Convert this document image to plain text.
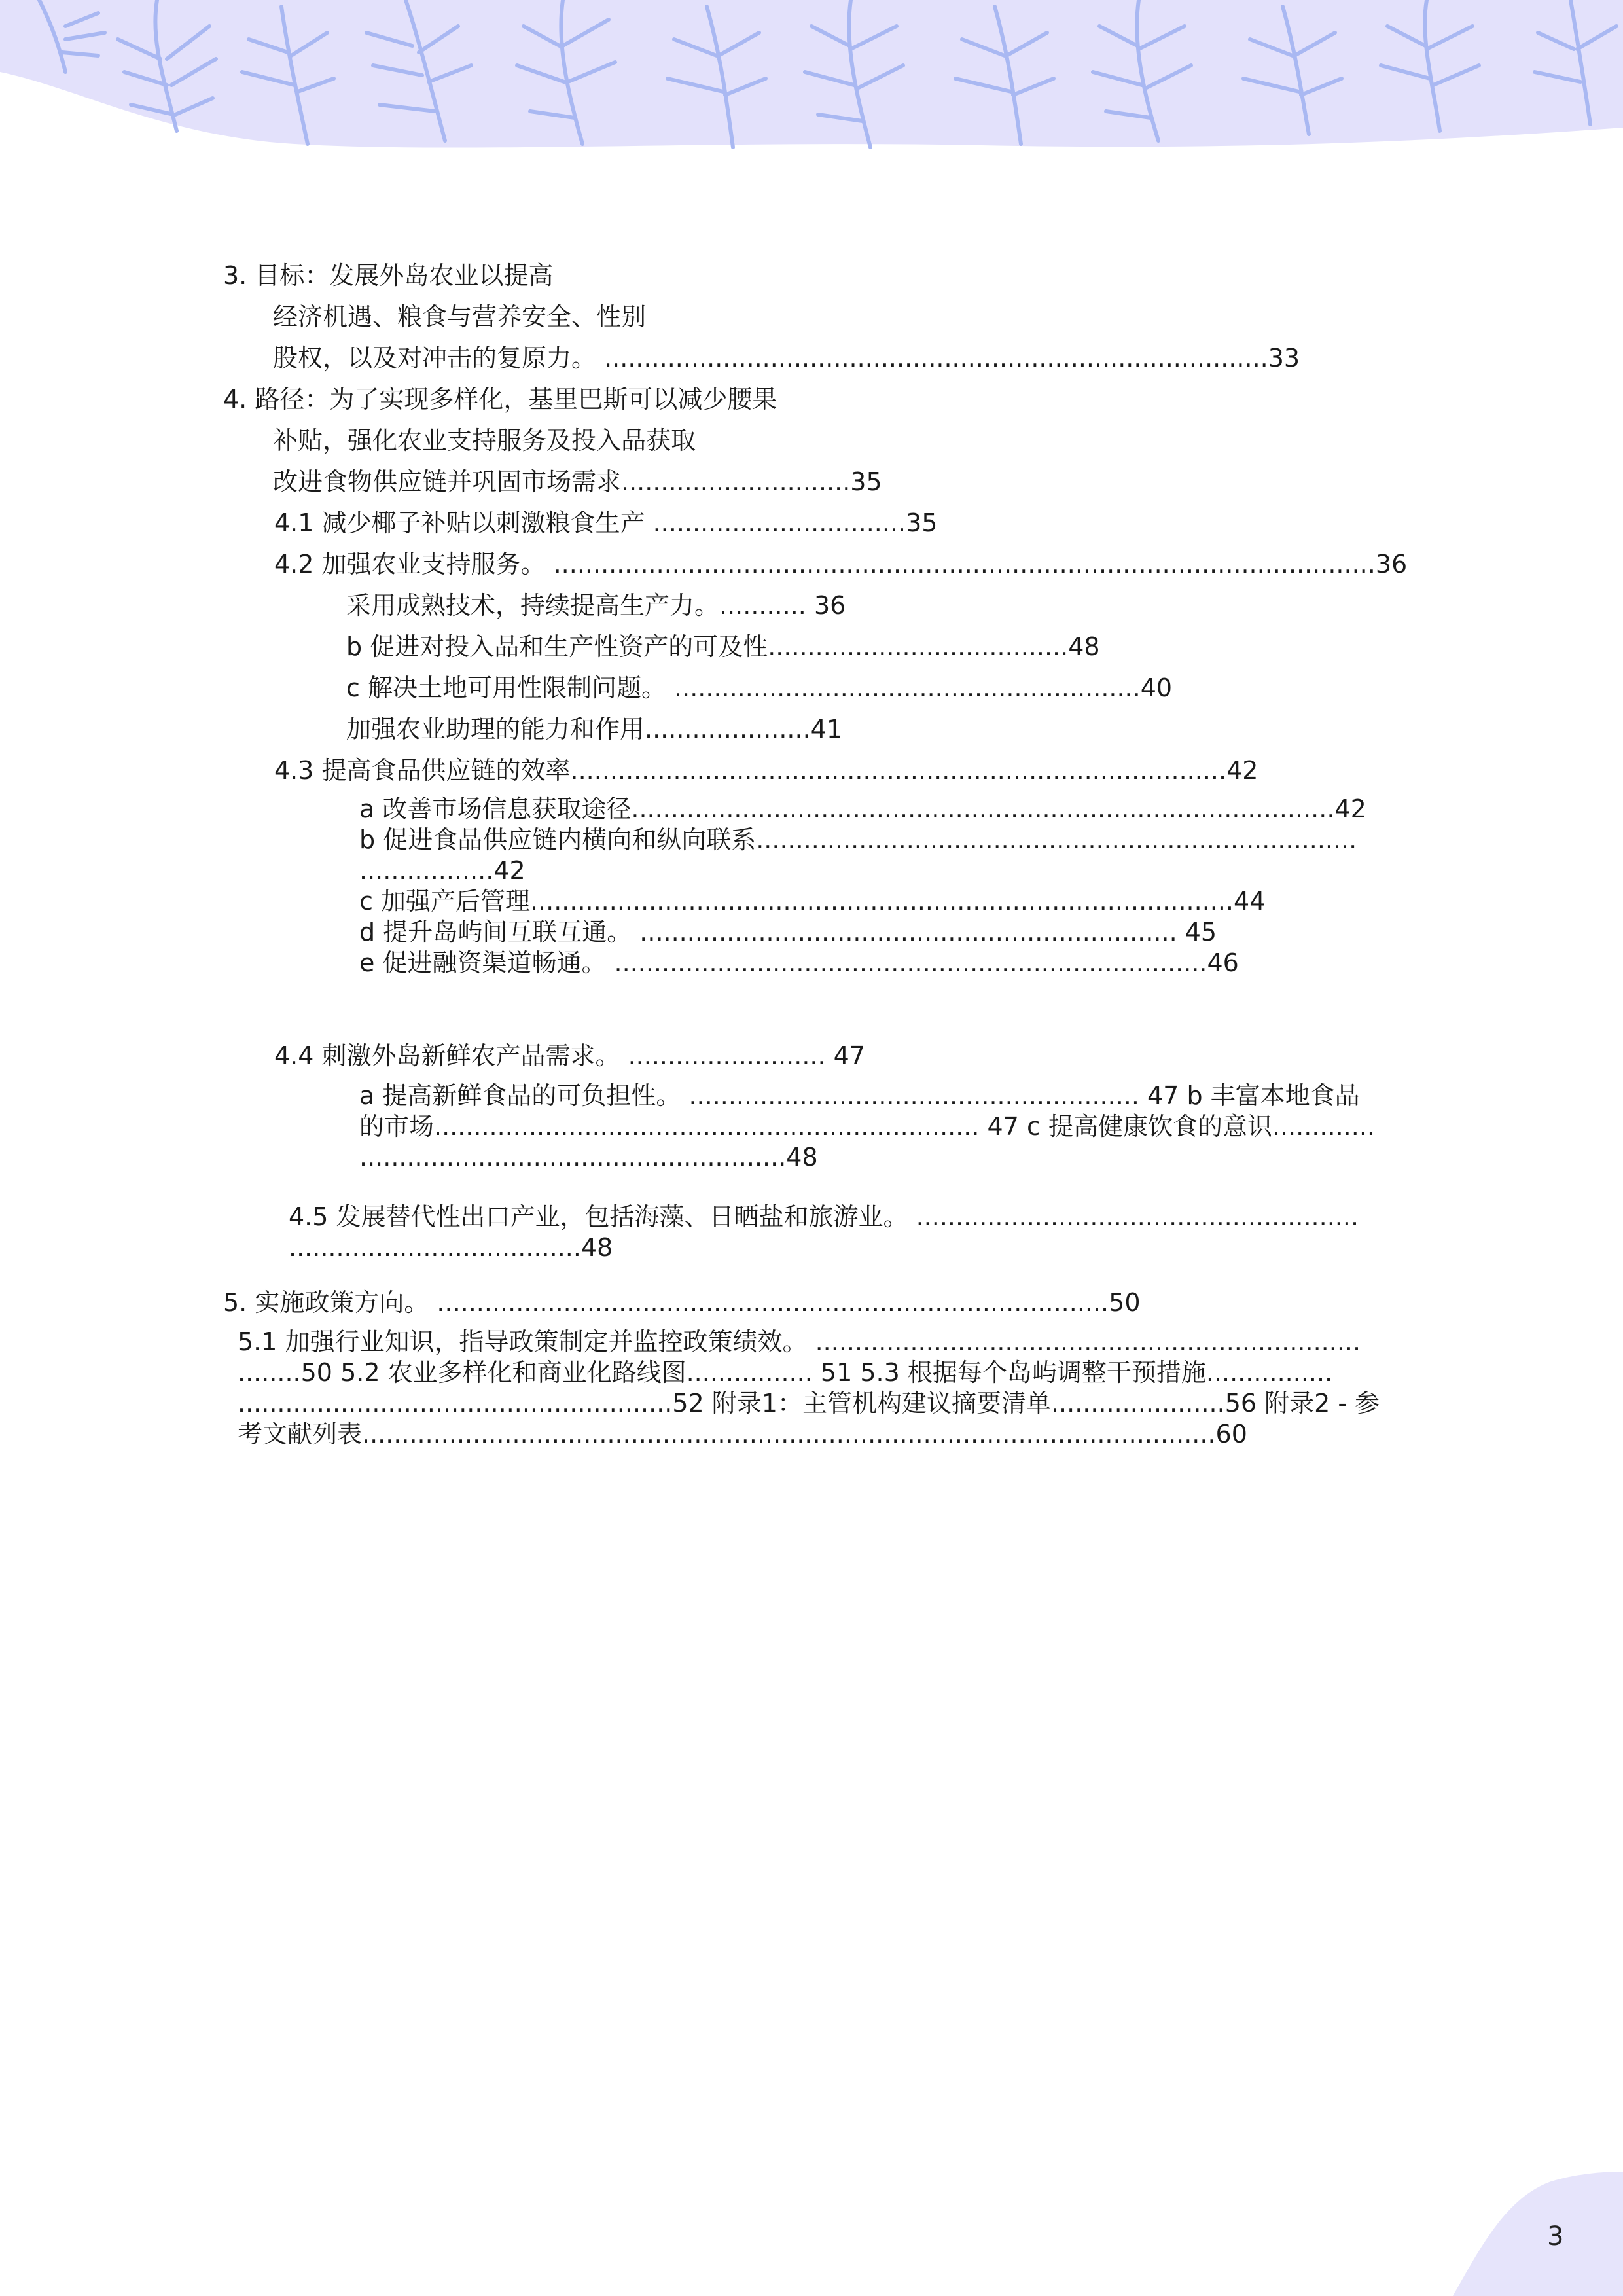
3. 目标：发展外岛农业以提高
经济机遇、粮食与营养安全、性别
股权，以及对冲击的复原力。 ....................................................................................33
4. 路径：为了实现多样化，基里巴斯可以减少腰果
补贴，强化农业支持服务及投入品获取
改进食物供应链并巩固市场需求.............................35
4.1 减少椰子补贴以刺激粮食生产 ................................35
4.2 加强农业支持服务。 ........................................................................................................36
采用成熟技术，持续提高生产力。........... 36
b 促进对投入品和生产性资产的可及性......................................48
c 解决土地可用性限制问题。 ...........................................................40
加强农业助理的能力和作用.....................41
4.3 提高食品供应链的效率...................................................................................42
a 改善市场信息获取途径.........................................................................................42
b 促进食品供应链内横向和纵向联系............................................................................
.................42
c 加强产后管理.........................................................................................44
d 提升岛屿间互联互通。 .................................................................... 45
e 促进融资渠道畅通。 ...........................................................................46
4.4 刺激外岛新鲜农产品需求。 ......................... 47
a 提高新鲜食品的可负担性。 ......................................................... 47 b 丰富本地食品
的市场..................................................................... 47 c 提高健康饮食的意识.............
......................................................48
4.5 发展替代性出口产业，包括海藻、日晒盐和旅游业。 ........................................................
.....................................48
5. 实施政策方向。 .....................................................................................50
5.1 加强行业知识，指导政策制定并监控政策绩效。 .....................................................................
........50 5.2 农业多样化和商业化路线图................ 51 5.3 根据每个岛屿调整干预措施................
.......................................................52 附录1：主管机构建议摘要清单......................56 附录2 - 参
考文献列表............................................................................................................60
3
